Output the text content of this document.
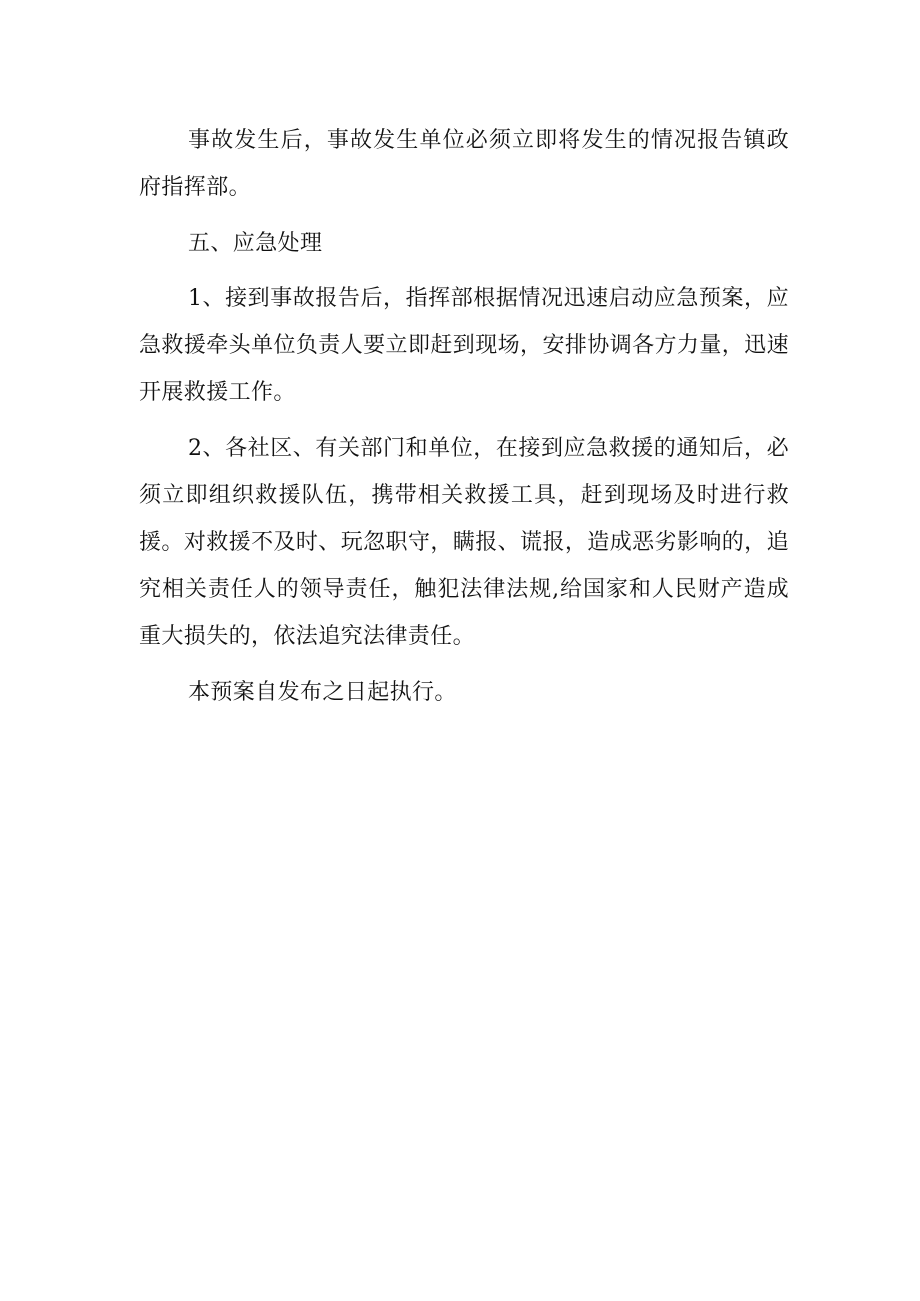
事故发生后，事故发生单位必须立即将发生的情况报告镇政府指挥部。

五、应急处理

1、接到事故报告后，指挥部根据情况迅速启动应急预案，应急救援牵头单位负责人要立即赶到现场，安排协调各方力量，迅速开展救援工作。

2、各社区、有关部门和单位，在接到应急救援的通知后，必须立即组织救援队伍，携带相关救援工具，赶到现场及时进行救援。对救援不及时、玩忽职守，瞒报、谎报，造成恶劣影响的，追究相关责任人的领导责任，触犯法律法规,给国家和人民财产造成重大损失的，依法追究法律责任。

本预案自发布之日起执行。
